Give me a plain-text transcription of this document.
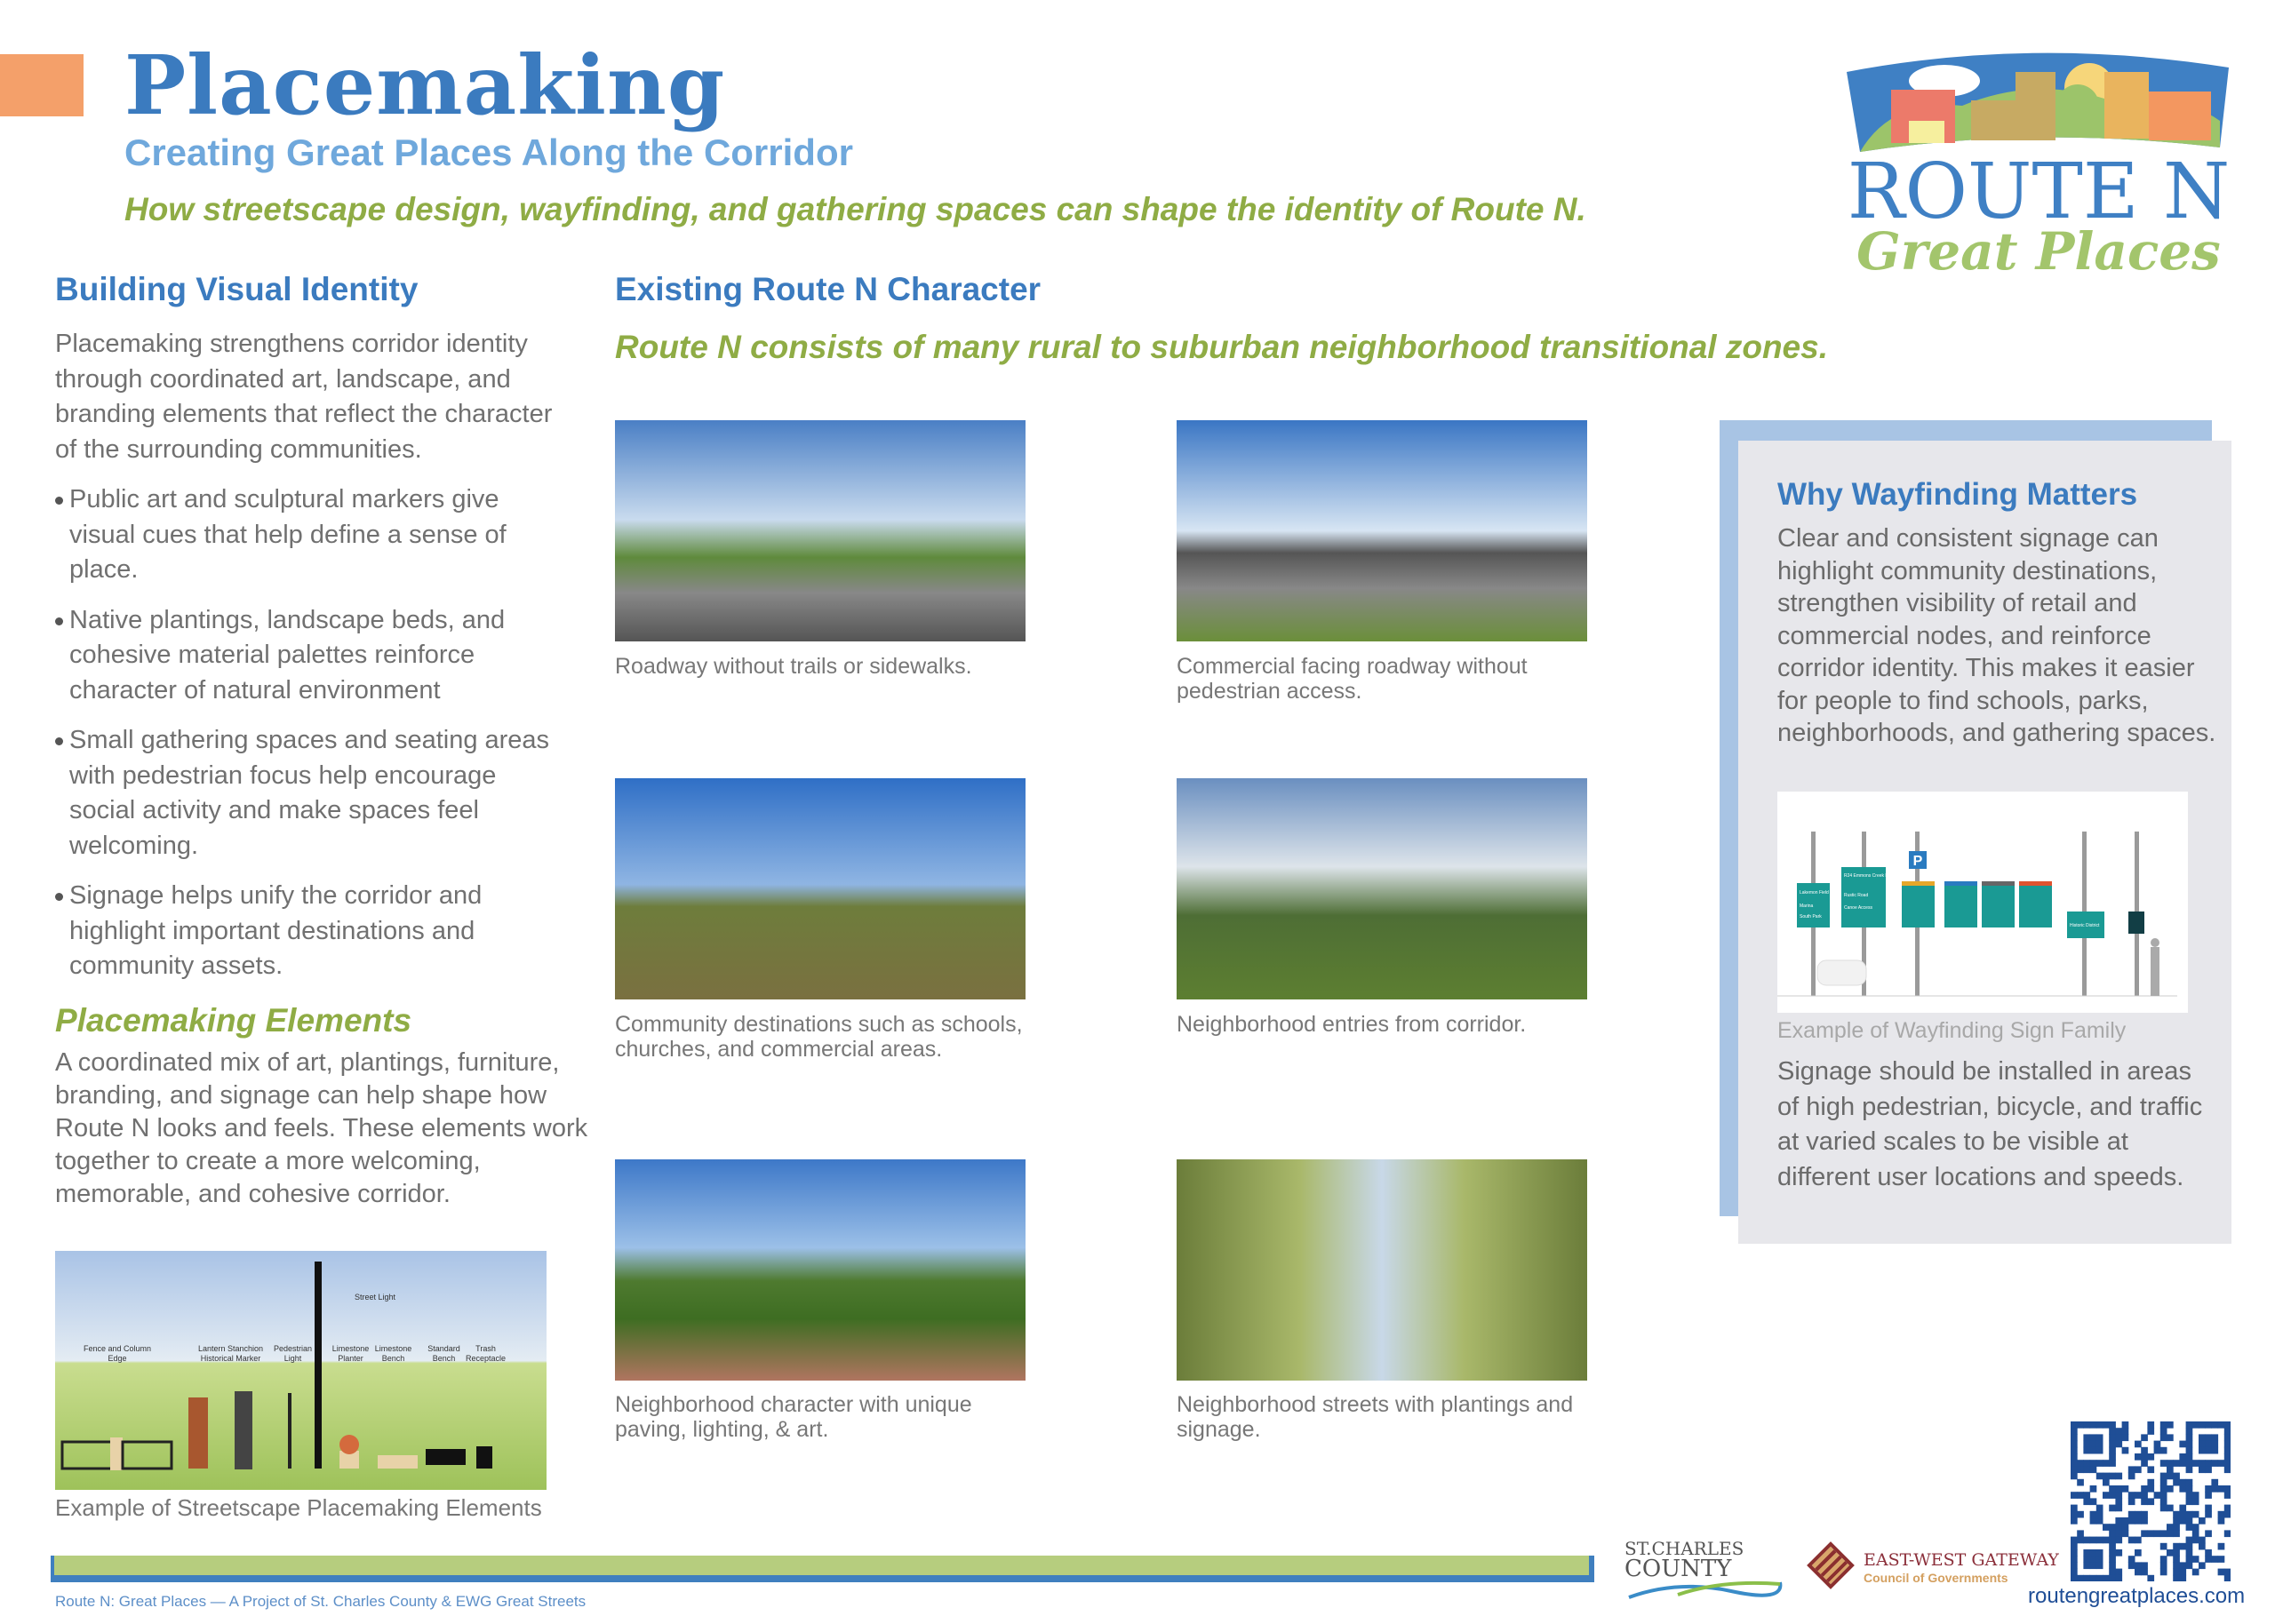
Placemaking
Creating Great Places Along the Corridor
How streetscape design, wayfinding, and gathering spaces can shape the identity of Route N.	ROUTE N
Great Places
Building Visual Identity

Placemaking strengthens corridor identity through coordinated art, landscape, and branding elements that reflect the character of the surrounding communities.

Public art and sculptural markers give visual cues that help define a sense of place.
Native plantings, landscape beds, and cohesive material palettes reinforce character of natural environment
Small gathering spaces and seating areas with pedestrian focus help encourage social activity and make spaces feel welcoming.
Signage helps unify the corridor and highlight important destinations and community assets.
Placemaking Elements

A coordinated mix of art, plantings, furniture, branding, and signage can help shape how Route N looks and feels. These elements work together to create a more welcoming, memorable, and cohesive corridor.

Fence and Column Edge
Lantern Stanchion Historical Marker
Pedestrian Light
Street Light
Limestone Planter
Limestone Bench
Standard Bench
Trash Receptacle
Example of Streetscape Placemaking Elements
Existing Route N Character
Route N consists of many rural to suburban neighborhood transitional zones.
Roadway without trails or sidewalks.	Commercial facing roadway without pedestrian access.
Community destinations such as schools, churches, and commercial areas.
Neighborhood entries from corridor.
Neighborhood character with unique paving, lighting, & art.
Neighborhood streets with plantings and signage.
Why Wayfinding Matters

Clear and consistent signage can highlight community destinations, strengthen visibility of retail and commercial nodes, and reinforce corridor identity. This makes it easier for people to find schools, parks, neighborhoods, and gathering spaces.

P
Lakemon Field
Marina
South Park
R24 Emmons Creek Road
Rustic Road
Canoe Access
Historic District
Example of Wayfinding Sign Family

Signage should be installed in areas of high pedestrian, bicycle, and traffic at varied scales to be visible at different user locations and speeds.

Route N: Great Places — A Project of St. Charles County & EWG Great Streets
ST.CHARLES
COUNTY	EAST-WEST GATEWAY
Council of Governments
routengreatplaces.com
